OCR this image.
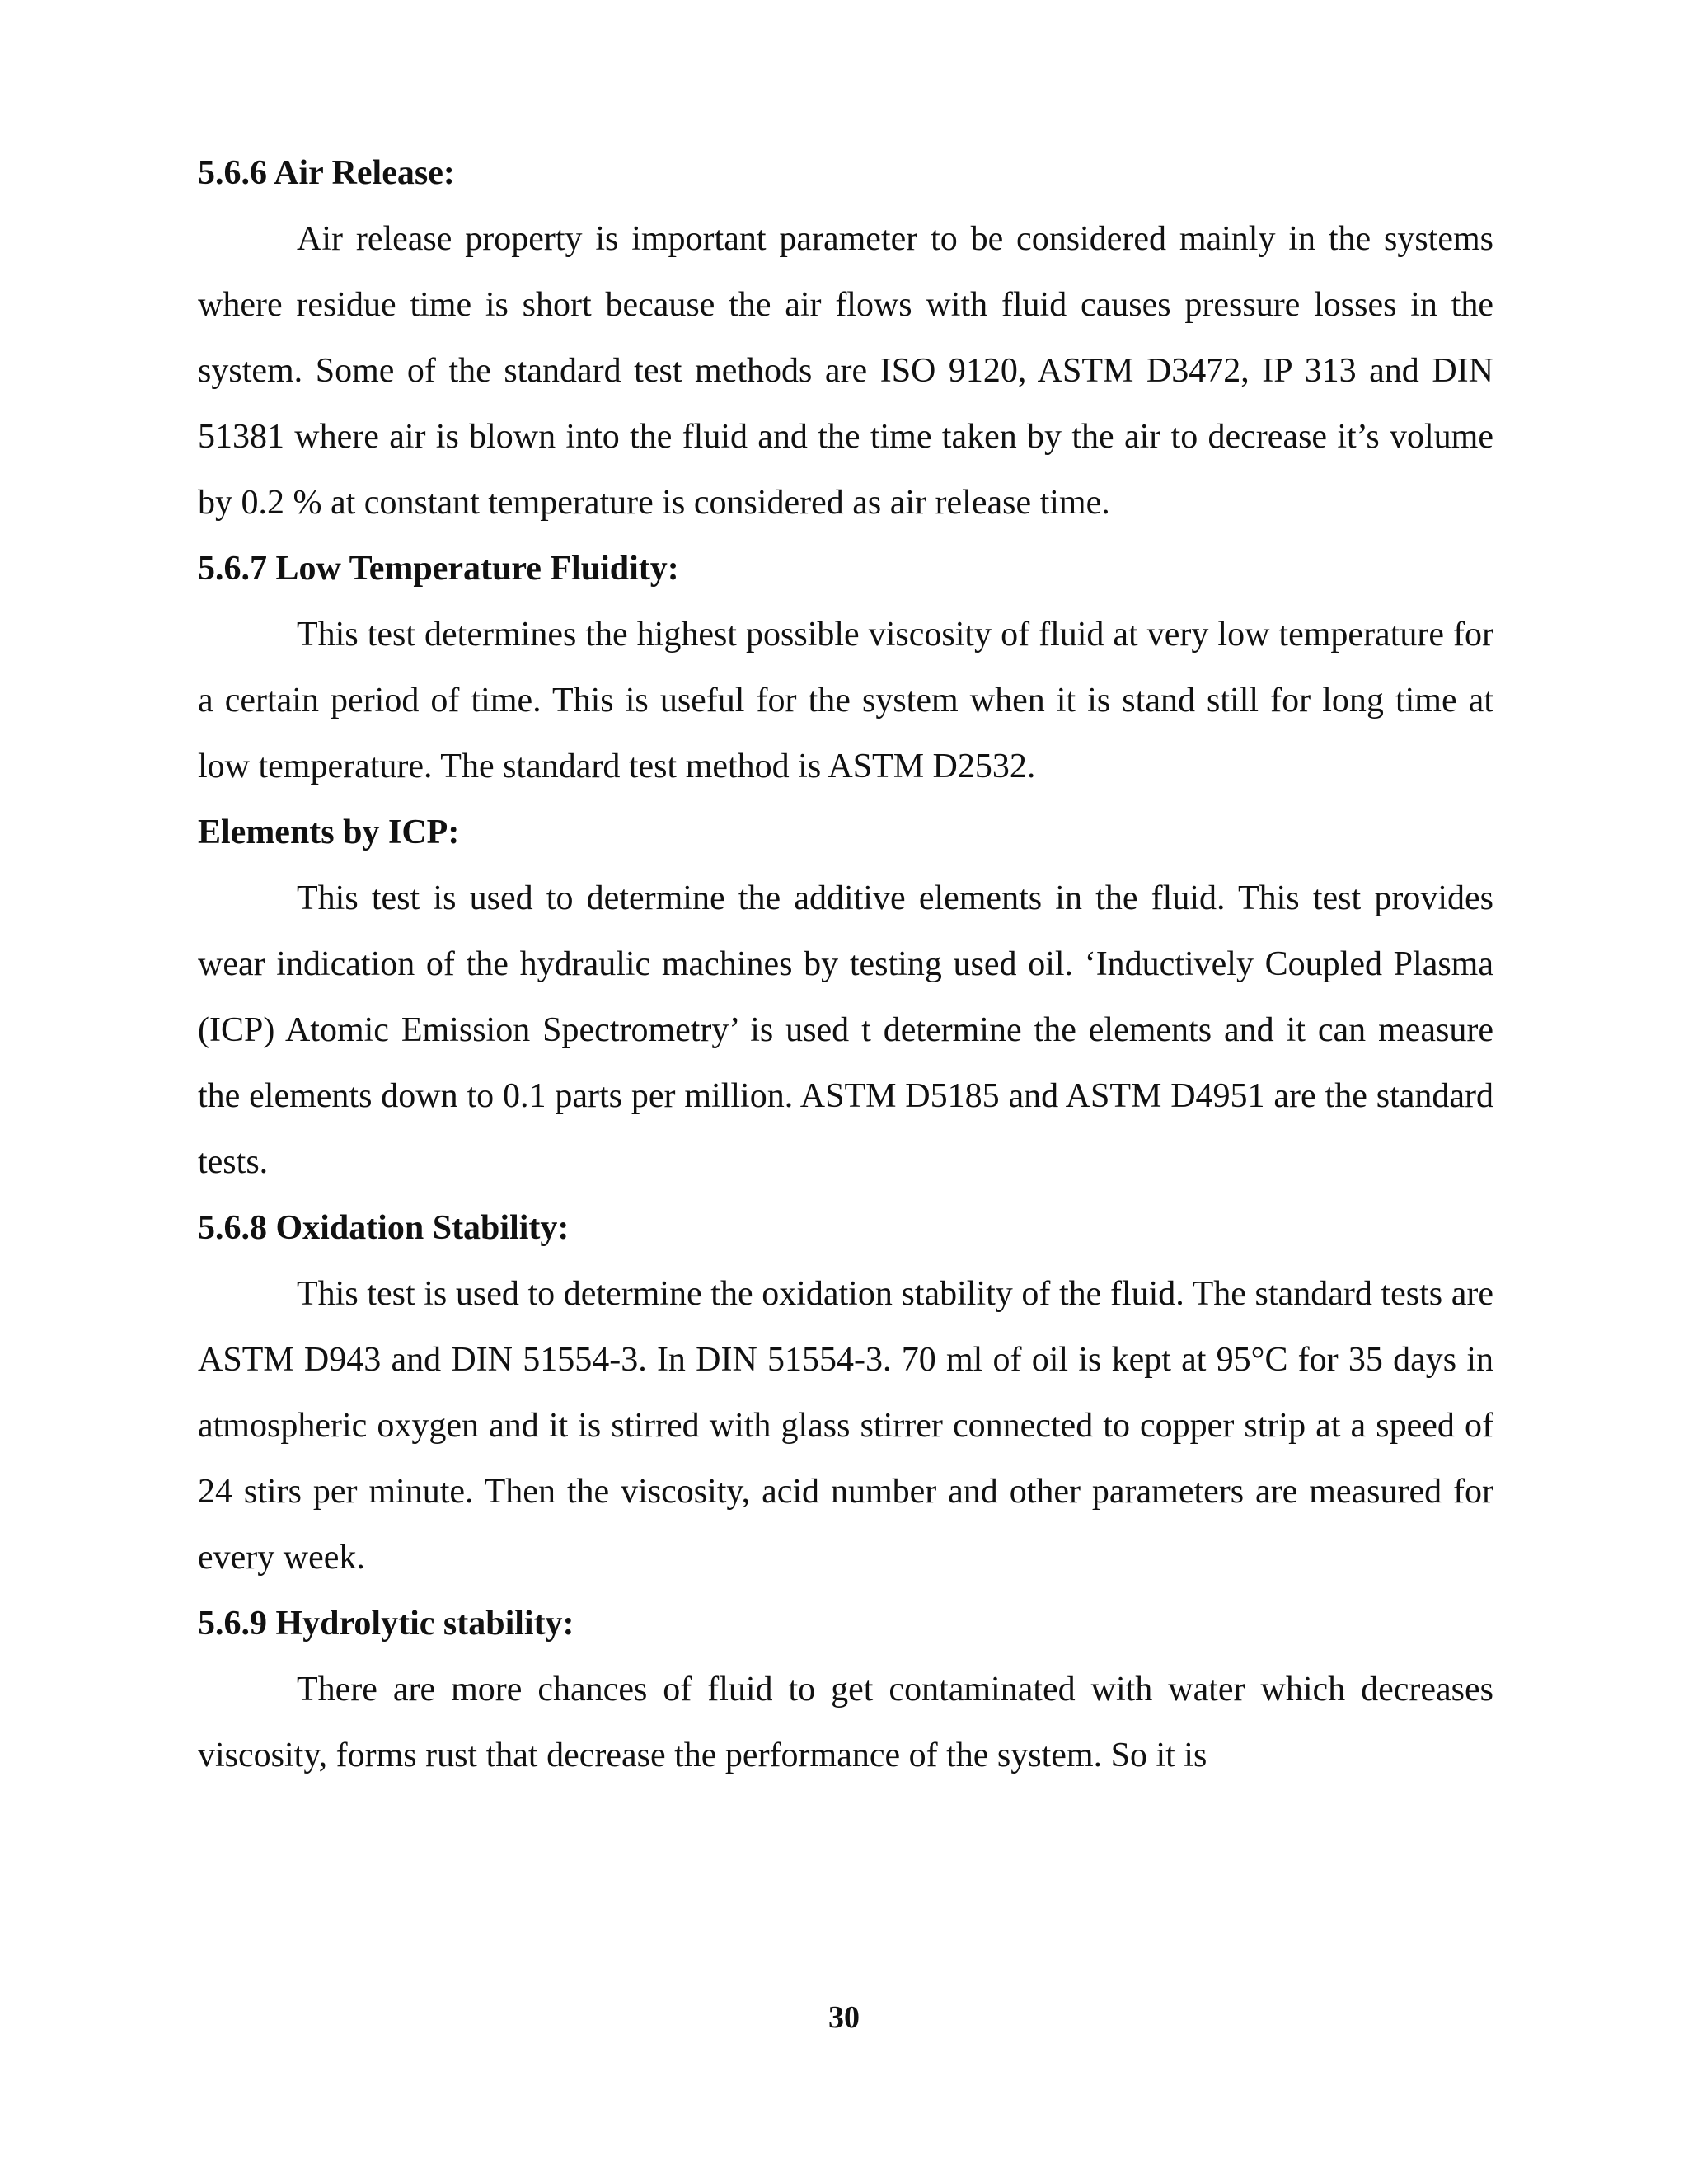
5.6.6 Air Release:

Air release property is important parameter to be considered mainly in the systems where residue time is short because the air flows with fluid causes pressure losses in the system. Some of the standard test methods are ISO 9120, ASTM D3472, IP 313 and DIN 51381 where air is blown into the fluid and the time taken by the air to decrease it’s volume by 0.2 % at constant temperature is considered as air release time.

5.6.7 Low Temperature Fluidity:

This test determines the highest possible viscosity of fluid at very low temperature for a certain period of time. This is useful for the system when it is stand still for long time at low temperature. The standard test method is ASTM D2532.

Elements by ICP:

This test is used to determine the additive elements in the fluid. This test provides wear indication of the hydraulic machines by testing used oil. ‘Inductively Coupled Plasma (ICP) Atomic Emission Spectrometry’ is used t determine the elements and it can measure the elements down to 0.1 parts per million. ASTM D5185 and ASTM D4951 are the standard tests.

5.6.8 Oxidation Stability:

This test is used to determine the oxidation stability of the fluid. The standard tests are ASTM D943 and DIN 51554-3. In DIN 51554-3. 70 ml of oil is kept at 95°C for 35 days in atmospheric oxygen and it is stirred with glass stirrer connected to copper strip at a speed of 24 stirs per minute. Then the viscosity, acid number and other parameters are measured for every week.

5.6.9 Hydrolytic stability:

There are more chances of fluid to get contaminated with water which decreases viscosity, forms rust that decrease the performance of the system. So it is

30
